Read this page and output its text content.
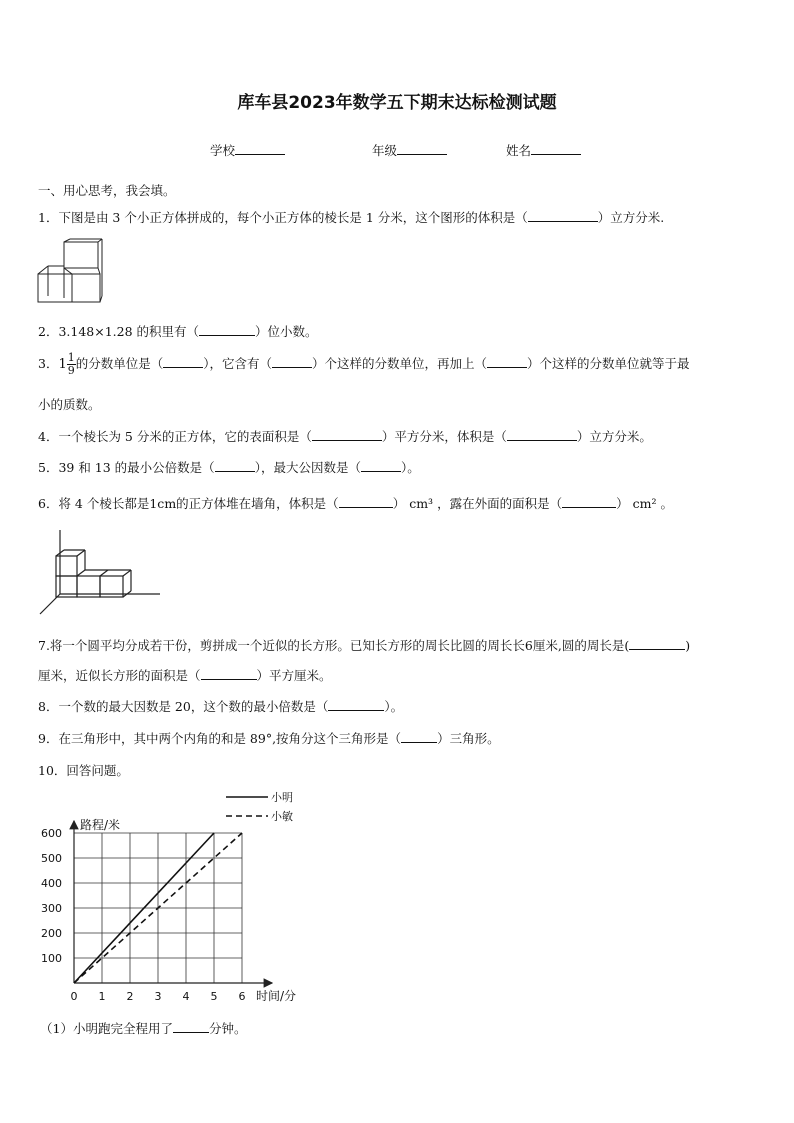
库车县2023年数学五下期末达标检测试题
学校	年级	姓名
一、用心思考，我会填。
1．下图是由 3 个小正方体拼成的，每个小正方体的棱长是 1 分米，这个图形的体积是（	）立方分米.
2．3.148×1.28 的积里有（	）位小数。
3．$1 \frac{1}{9}$ 的分数单位是（	），它含有（	）个这样的分数单位，再加上（	）个这样的分数单位就等于最
小的质数。
4．一个棱长为 5 分米的正方体，它的表面积是（	）平方分米，体积是（	）立方分米。
5．39 和 13 的最小公倍数是（	），最大公因数是（	）。
6．将 4 个棱长都是1cm的正方体堆在墙角，体积是（	） cm³ ，露在外面的面积是（	） cm² 。
7.将一个圆平均分成若干份，剪拼成一个近似的长方形。已知长方形的周长比圆的周长长6厘米,圆的周长是(	)
厘米，近似长方形的面积是（	）平方厘米。
8．一个数的最大因数是 20，这个数的最小倍数是（	）。
9．在三角形中，其中两个内角的和是 89°,按角分这个三角形是（	）三角形。
10．回答问题。
0 1 2 3 4 5 6
100
200
300
400
500
600
路程/米
时间/分
小明
小敏
（1）小明跑完全程用了	分钟。
